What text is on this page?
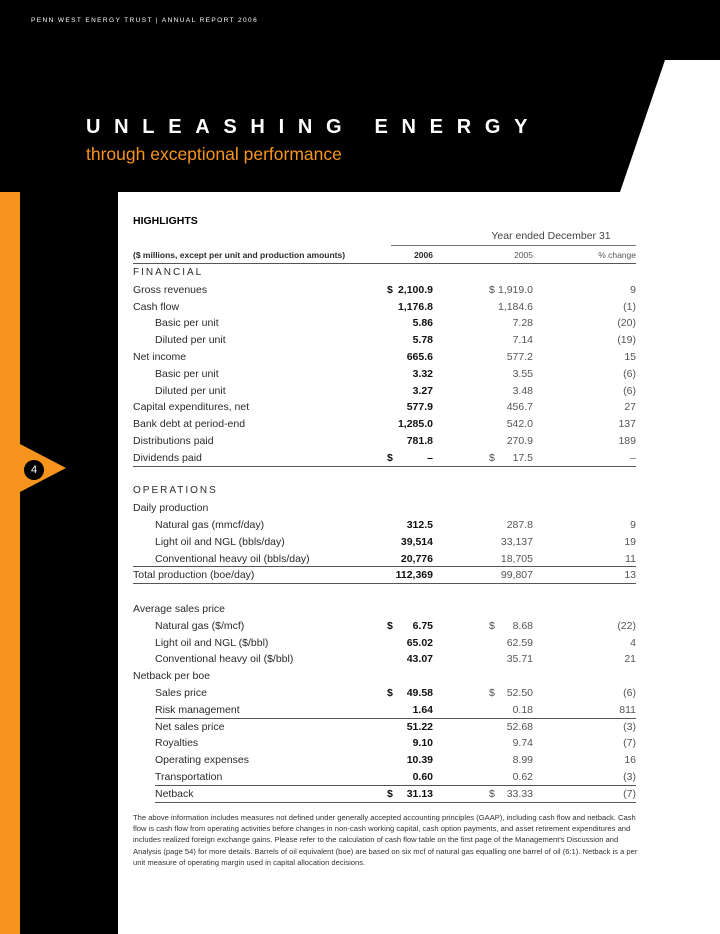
4
PENN WEST ENERGY TRUST | ANNUAL REPORT 2006
UNLEASHING ENERGY
through exceptional performance
HIGHLIGHTS
Year ended December 31
($ millions, except per unit and production amounts)	2006	2005	% change
FINANCIAL
Gross revenues	$ 2,100.9	$ 1,919.0	9
Cash flow	1,176.8	1,184.6	(1)
Basic per unit	5.86	7.28	(20)
Diluted per unit	5.78	7.14	(19)
Net income	665.6	577.2	15
Basic per unit	3.32	3.55	(6)
Diluted per unit	3.27	3.48	(6)
Capital expenditures, net	577.9	456.7	27
Bank debt at period-end	1,285.0	542.0	137
Distributions paid	781.8	270.9	189
Dividends paid	$	–	$	17.5	–
OPERATIONS
Daily production
Natural gas (mmcf/day)	312.5	287.8	9
Light oil and NGL (bbls/day)	39,514	33,137	19
Conventional heavy oil (bbls/day)	20,776	18,705	11
Total production (boe/day)	112,369	99,807	13
Average sales price
Natural gas ($/mcf)	$	6.75	$	8.68	(22)
Light oil and NGL ($/bbl)	65.02	62.59	4
Conventional heavy oil ($/bbl)	43.07	35.71	21
Netback per boe
Sales price	$	49.58	$	52.50	(6)
Risk management	1.64	0.18	811
Net sales price	51.22	52.68	(3)
Royalties	9.10	9.74	(7)
Operating expenses	10.39	8.99	16
Transportation	0.60	0.62	(3)
Netback	$	31.13	$	33.33	(7)
The above information includes measures not defined under generally accepted accounting principles (GAAP), including cash flow and netback. Cash flow is cash flow from operating activities before changes in non-cash working capital, cash option payments, and asset retirement expenditures and includes realized foreign exchange gains. Please refer to the calculation of cash flow table on the first page of the Management's Discussion and Analysis (page 54) for more details. Barrels of oil equivalent (boe) are based on six mcf of natural gas equalling one barrel of oil (6:1). Netback is a per unit measure of operating margin used in capital allocation decisions.
